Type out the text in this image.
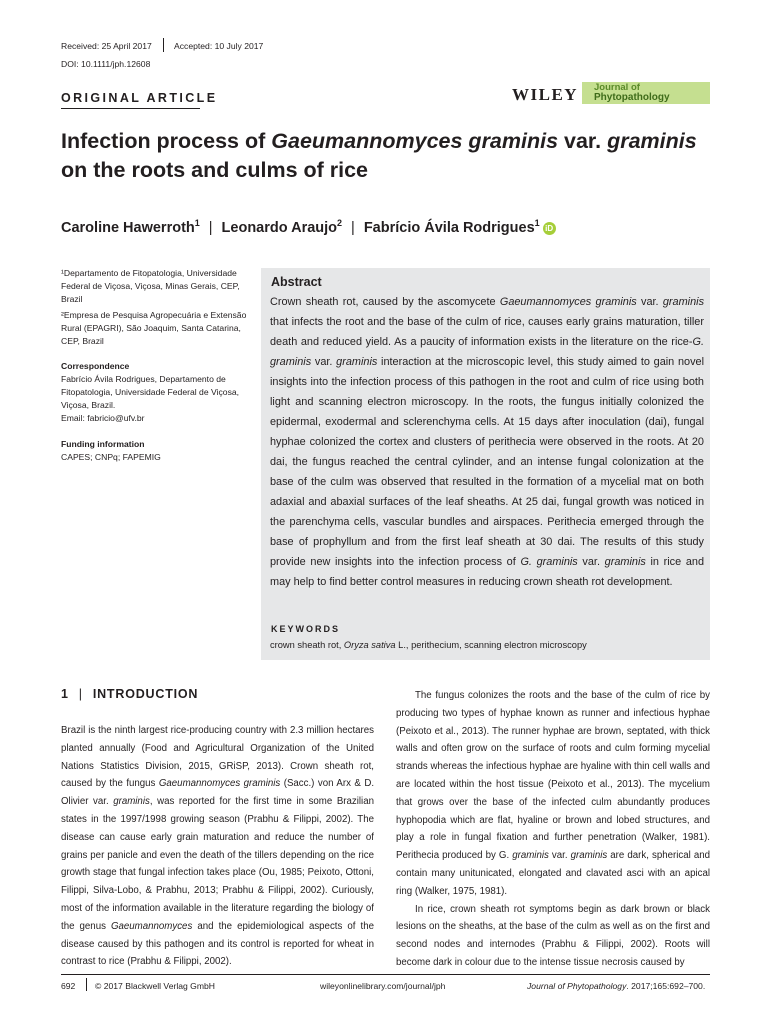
Received: 25 April 2017	Accepted: 10 July 2017
DOI: 10.1111/jph.12608
ORIGINAL ARTICLE	WILEY Journal of
Phytopathology
Infection process of Gaeumannomyces graminis var. graminis on the roots and culms of rice
Caroline Hawerroth$^1$ | Leonardo Araujo$^2$ | Fabrício Ávila Rodrigues$^1$iD
¹Departamento de Fitopatologia, Universidade Federal de Viçosa, Viçosa, Minas Gerais, CEP, Brazil
²Empresa de Pesquisa Agropecuária e Extensão Rural (EPAGRI), São Joaquim, Santa Catarina, CEP, Brazil
Correspondence
Fabrício Ávila Rodrigues, Departamento de Fitopatologia, Universidade Federal de Viçosa, Viçosa, Brazil.
Email: fabricio@ufv.br
Funding information
CAPES; CNPq; FAPEMIG
Abstract
Crown sheath rot, caused by the ascomycete Gaeumannomyces graminis var. graminis that infects the root and the base of the culm of rice, causes early grains maturation, tiller death and reduced yield. As a paucity of information exists in the literature on the rice-G. graminis var. graminis interaction at the microscopic level, this study aimed to gain novel insights into the infection process of this pathogen in the root and culm of rice using both light and scanning electron microscopy. In the roots, the fungus initially colonized the epidermal, exodermal and sclerenchyma cells. At 15 days after inoculation (dai), fungal hyphae colonized the cortex and clusters of perithecia were observed in the roots. At 20 dai, the fungus reached the central cylinder, and an intense fungal colonization at the base of the culm was observed that resulted in the formation of a mycelial mat on both adaxial and abaxial surfaces of the leaf sheaths. At 25 dai, fungal growth was noticed in the parenchyma cells, vascular bundles and airspaces. Perithecia emerged through the base of prophyllum and from the first leaf sheath at 30 dai. The results of this study provide new insights into the infection process of G. graminis var. graminis in rice and may help to find better control measures in reducing crown sheath rot development.
KEYWORDS
crown sheath rot, Oryza sativa L., perithecium, scanning electron microscopy
1 | INTRODUCTION

Brazil is the ninth largest rice-producing country with 2.3 million hectares planted annually (Food and Agricultural Organization of the United Nations Statistics Division, 2015, GRiSP, 2013). Crown sheath rot, caused by the fungus Gaeumannomyces graminis (Sacc.) von Arx & D. Olivier var. graminis, was reported for the first time in some Brazilian states in the 1997/1998 growing season (Prabhu & Filippi, 2002). The disease can cause early grain maturation and reduce the number of grains per panicle and even the death of the tillers depending on the rice growth stage that fungal infection takes place (Ou, 1985; Peixoto, Ottoni, Filippi, Silva-Lobo, & Prabhu, 2013; Prabhu & Filippi, 2002). Curiously, most of the information available in the literature regarding the biology of the genus Gaeumannomyces and the epidemiological aspects of the disease caused by this pathogen and its control is reported for wheat in contrast to rice (Prabhu & Filippi, 2002).

The fungus colonizes the roots and the base of the culm of rice by producing two types of hyphae known as runner and infectious hyphae (Peixoto et al., 2013). The runner hyphae are brown, septated, with thick walls and often grow on the surface of roots and culm forming mycelial strands whereas the infectious hyphae are hyaline with thin cell walls and are located within the host tissue (Peixoto et al., 2013). The mycelium that grows over the base of the infected culm abundantly produces hyphopodia which are flat, hyaline or brown and lobed structures, and play a role in fungal fixation and further penetration (Walker, 1981). Perithecia produced by G. graminis var. graminis are dark, spherical and contain many unitunicated, elongated and clavated asci with an apical ring (Walker, 1975, 1981).

In rice, crown sheath rot symptoms begin as dark brown or black lesions on the sheaths, at the base of the culm as well as on the first and second nodes and internodes (Prabhu & Filippi, 2002). Roots will become dark in colour due to the intense tissue necrosis caused by

692 © 2017 Blackwell Verlag GmbH	wileyonlinelibrary.com/journal/jph	Journal of Phytopathology. 2017;165:692–700.
